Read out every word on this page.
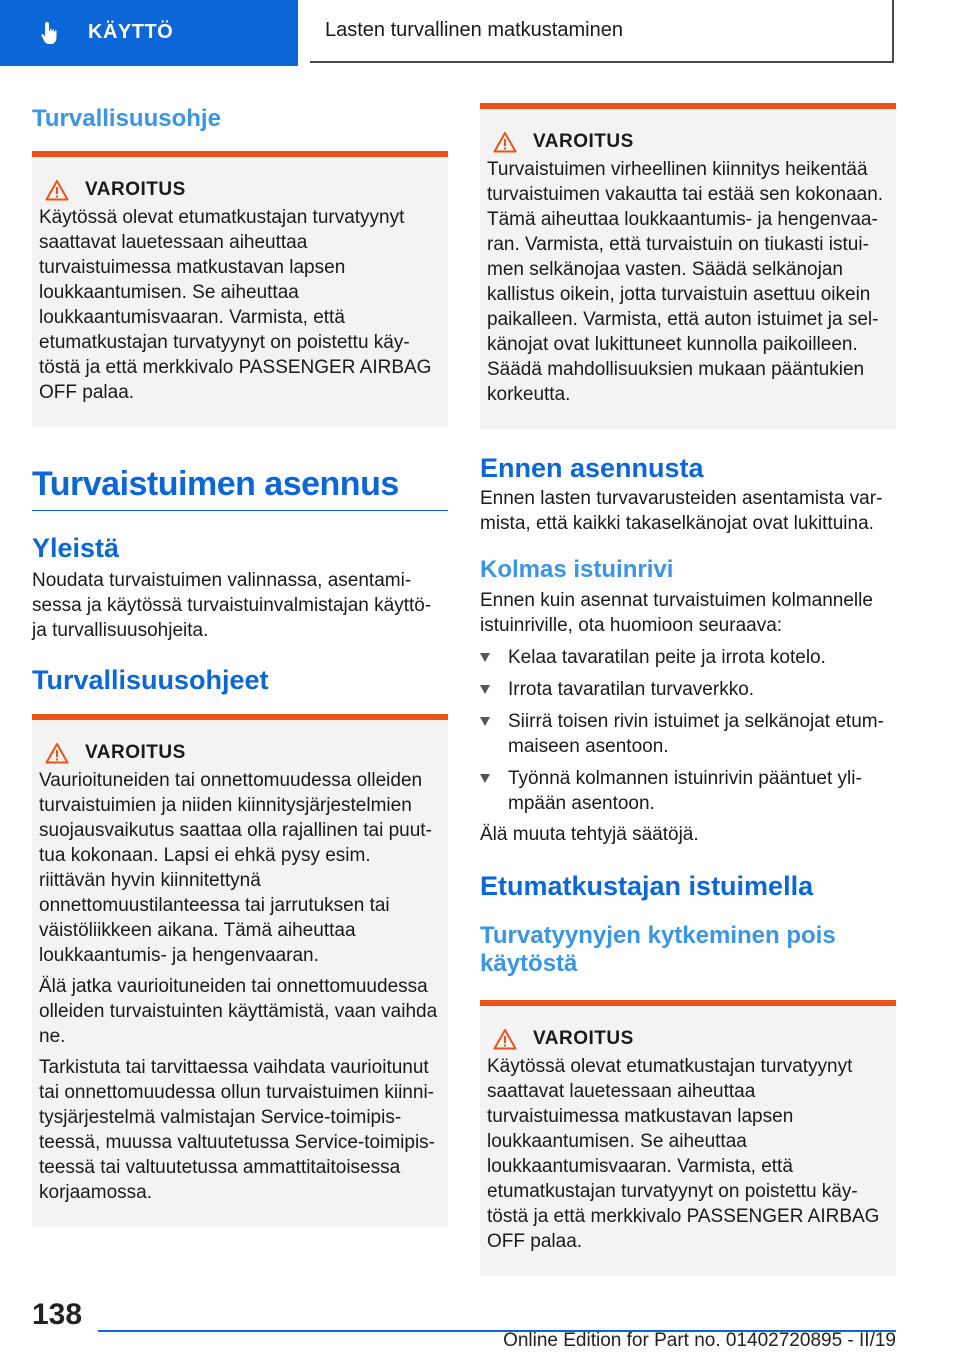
KÄYTTÖ	Lasten turvallinen matkustaminen
Turvallisuusohje
VAROITUS

Käytössä olevat etumatkustajan turvatyynyt saattavat lauetessaan aiheuttaa turvaistuimessa matkustavan lapsen loukkaantumisen. Se aiheuttaa loukkaantumisvaaran. Varmista, että etumatkustajan turvatyynyt on poistettu käytöstä ja että merkkivalo PASSENGER AIRBAG OFF palaa.

Turvaistuimen asennus
Yleistä

Noudata turvaistuimen valinnassa, asentamisessa ja käytössä turvaistuinvalmistajan käyttö- ja turvallisuusohjeita.

Turvallisuusohjeet
VAROITUS

Vaurioituneiden tai onnettomuudessa olleiden turvaistuimien ja niiden kiinnitysjärjestelmien suojausvaikutus saattaa olla rajallinen tai puuttua kokonaan. Lapsi ei ehkä pysy esim. riittävän hyvin kiinnitettynä onnettomuustilanteessa tai jarrutuksen tai väistöliikkeen aikana. Tämä aiheuttaa loukkaantumis- ja hengenvaaran.

Älä jatka vaurioituneiden tai onnettomuudessa olleiden turvaistuinten käyttämistä, vaan vaihda ne.

Tarkistuta tai tarvittaessa vaihdata vaurioitunut tai onnettomuudessa ollun turvaistuimen kiinnitysjärjestelmä valmistajan Service-toimipisteessä, muussa valtuutetussa Service-toimipisteessä tai valtuutetussa ammattitaitoisessa korjaamossa.

VAROITUS

Turvaistuimen virheellinen kiinnitys heikentää turvaistuimen vakautta tai estää sen kokonaan. Tämä aiheuttaa loukkaantumis- ja hengenvaaran. Varmista, että turvaistuin on tiukasti istuimen selkänojaa vasten. Säädä selkänojan kallistus oikein, jotta turvaistuin asettuu oikein paikalleen. Varmista, että auton istuimet ja selkänojat ovat lukittuneet kunnolla paikoilleen. Säädä mahdollisuuksien mukaan pääntukien korkeutta.

Ennen asennusta

Ennen lasten turvavarusteiden asentamista varmista, että kaikki takaselkänojat ovat lukittuina.

Kolmas istuinrivi

Ennen kuin asennat turvaistuimen kolmannelle istuinriville, ota huomioon seuraava:

Kelaa tavaratilan peite ja irrota kotelo.
Irrota tavaratilan turvaverkko.
Siirrä toisen rivin istuimet ja selkänojat etummaiseen asentoon.
Työnnä kolmannen istuinrivin pääntuet ylimpään asentoon.

Älä muuta tehtyjä säätöjä.

Etumatkustajan istuimella
Turvatyynyjen kytkeminen pois käytöstä
VAROITUS

Käytössä olevat etumatkustajan turvatyynyt saattavat lauetessaan aiheuttaa turvaistuimessa matkustavan lapsen loukkaantumisen. Se aiheuttaa loukkaantumisvaaran. Varmista, että etumatkustajan turvatyynyt on poistettu käytöstä ja että merkkivalo PASSENGER AIRBAG OFF palaa.

138
Online Edition for Part no. 01402720895 - II/19
